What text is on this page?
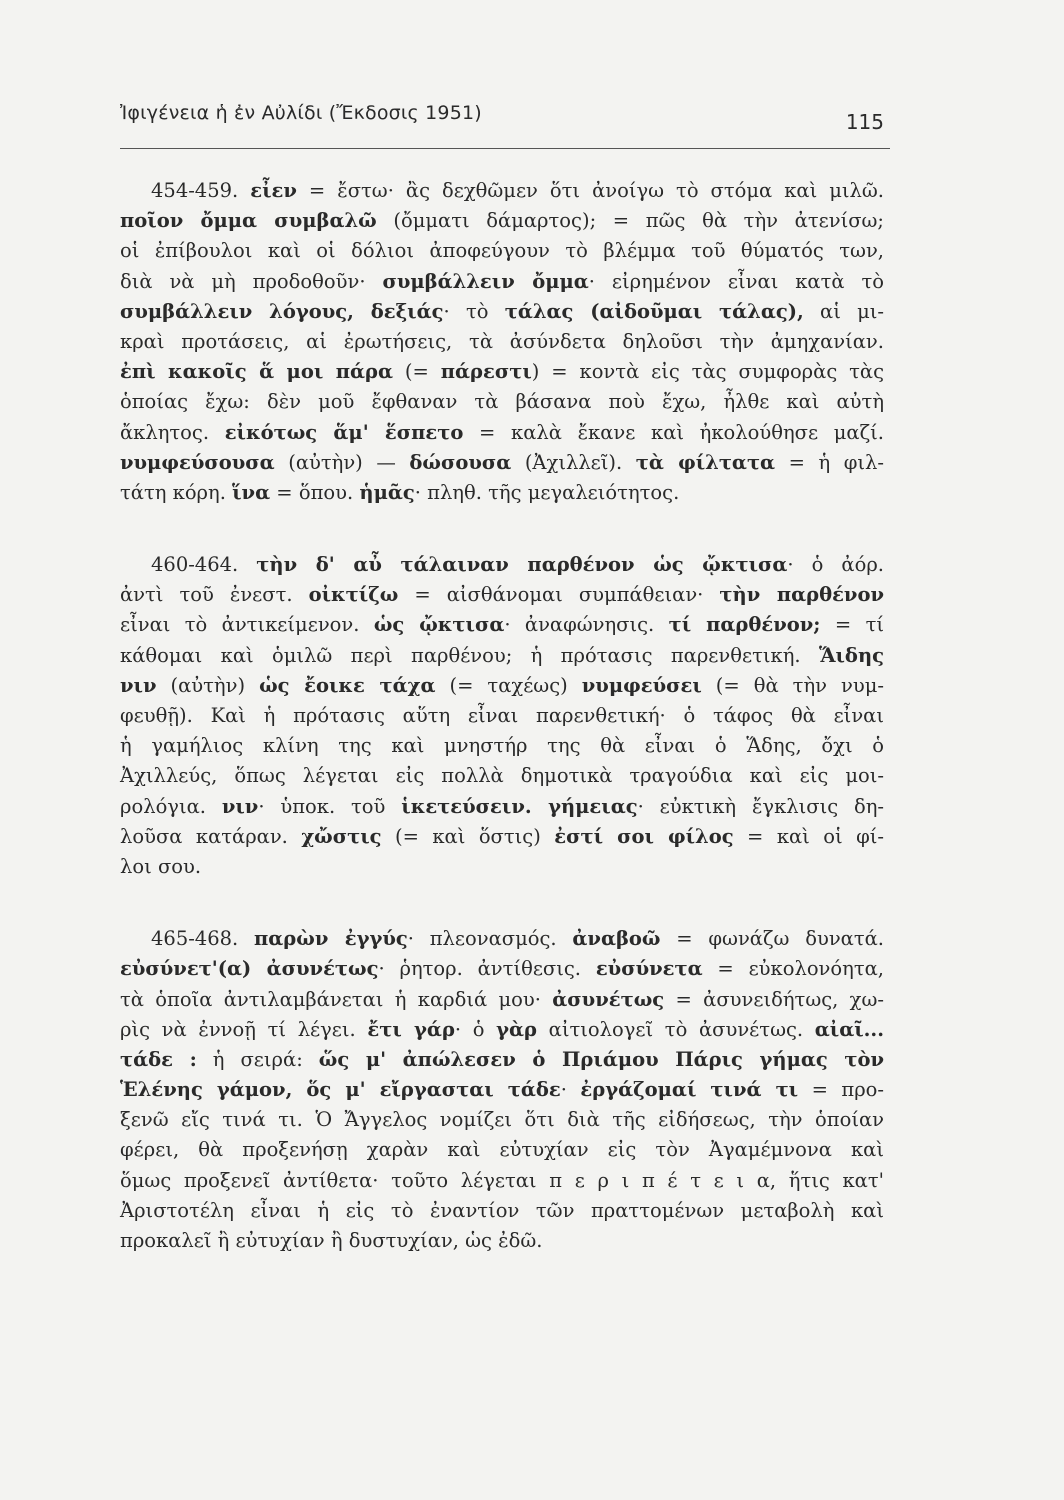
Ἰφιγένεια ἡ ἐν Αὐλίδι (Ἔκδοσις 1951)	115
454-459. εἶεν = ἔστω· ἂς δεχθῶμεν ὅτι ἀνοίγω τὸ στόμα καὶ μιλῶ.
ποῖον ὄμμα συμβαλῶ (ὄμματι δάμαρτος); = πῶς θὰ τὴν ἀτενίσω;
οἱ ἐπίβουλοι καὶ οἱ δόλιοι ἀποφεύγουν τὸ βλέμμα τοῦ θύματός των,
διὰ νὰ μὴ προδοθοῦν· συμβάλλειν ὄμμα· εἰρημένον εἶναι κατὰ τὸ
συμβάλλειν λόγους, δεξιάς· τὸ τάλας (αἰδοῦμαι τάλας), αἱ μι-
κραὶ προτάσεις, αἱ ἐρωτήσεις, τὰ ἀσύνδετα δηλοῦσι τὴν ἀμηχανίαν.
ἐπὶ κακοῖς ἅ μοι πάρα (= πάρεστι) = κοντὰ εἰς τὰς συμφορὰς τὰς
ὁποίας ἔχω: δὲν μοῦ ἔφθαναν τὰ βάσανα ποὺ ἔχω, ἦλθε καὶ αὐτὴ
ἄκλητος. εἰκότως ἅμ' ἕσπετο = καλὰ ἔκανε καὶ ἠκολούθησε μαζί.
νυμφεύσουσα (αὐτὴν) — δώσουσα (Ἀχιλλεῖ). τὰ φίλτατα = ἡ φιλ-
τάτη κόρη. ἵνα = ὅπου. ἡμᾶς· πληθ. τῆς μεγαλειότητος.
460-464. τὴν δ' αὖ τάλαιναν παρθένον ὡς ᾤκτισα· ὁ ἀόρ.
ἀντὶ τοῦ ἐνεστ. οἰκτίζω = αἰσθάνομαι συμπάθειαν· τὴν παρθένον
εἶναι τὸ ἀντικείμενον. ὡς ᾤκτισα· ἀναφώνησις. τί παρθένον; = τί
κάθομαι καὶ ὁμιλῶ περὶ παρθένου; ἡ πρότασις παρενθετική. Ἅιδης
νιν (αὐτὴν) ὡς ἔοικε τάχα (= ταχέως) νυμφεύσει (= θὰ τὴν νυμ-
φευθῇ). Καὶ ἡ πρότασις αὕτη εἶναι παρενθετική· ὁ τάφος θὰ εἶναι
ἡ γαμήλιος κλίνη της καὶ μνηστήρ της θὰ εἶναι ὁ Ἅδης, ὄχι ὁ
Ἀχιλλεύς, ὅπως λέγεται εἰς πολλὰ δημοτικὰ τραγούδια καὶ εἰς μοι-
ρολόγια. νιν· ὑποκ. τοῦ ἱκετεύσειν. γήμειας· εὐκτικὴ ἔγκλισις δη-
λοῦσα κατάραν. χὤστις (= καὶ ὅστις) ἐστί σοι φίλος = καὶ οἱ φί-
λοι σου.
465-468. παρὼν ἐγγύς· πλεονασμός. ἀναβοῶ = φωνάζω δυνατά.
εὐσύνετ'(α) ἀσυνέτως· ῥητορ. ἀντίθεσις. εὐσύνετα = εὐκολονόητα,
τὰ ὁποῖα ἀντιλαμβάνεται ἡ καρδιά μου· ἀσυνέτως = ἀσυνειδήτως, χω-
ρὶς νὰ ἐννοῇ τί λέγει. ἔτι γάρ· ὁ γὰρ αἰτιολογεῖ τὸ ἀσυνέτως. αἰαῖ...
τάδε : ἡ σειρά: ὥς μ' ἀπώλεσεν ὁ Πριάμου Πάρις γήμας τὸν
Ἑλένης γάμον, ὅς μ' εἴργασται τάδε· ἐργάζομαί τινά τι = προ-
ξενῶ εἴς τινά τι. Ὁ Ἄγγελος νομίζει ὅτι διὰ τῆς εἰδήσεως, τὴν ὁποίαν
φέρει, θὰ προξενήσῃ χαρὰν καὶ εὐτυχίαν εἰς τὸν Ἀγαμέμνονα καὶ
ὅμως προξενεῖ ἀντίθετα· τοῦτο λέγεται π ε ρ ι π έ τ ε ι α, ἥτις κατ'
Ἀριστοτέλη εἶναι ἡ εἰς τὸ ἐναντίον τῶν πραττομένων μεταβολὴ καὶ
προκαλεῖ ἢ εὐτυχίαν ἢ δυστυχίαν, ὡς ἐδῶ.
